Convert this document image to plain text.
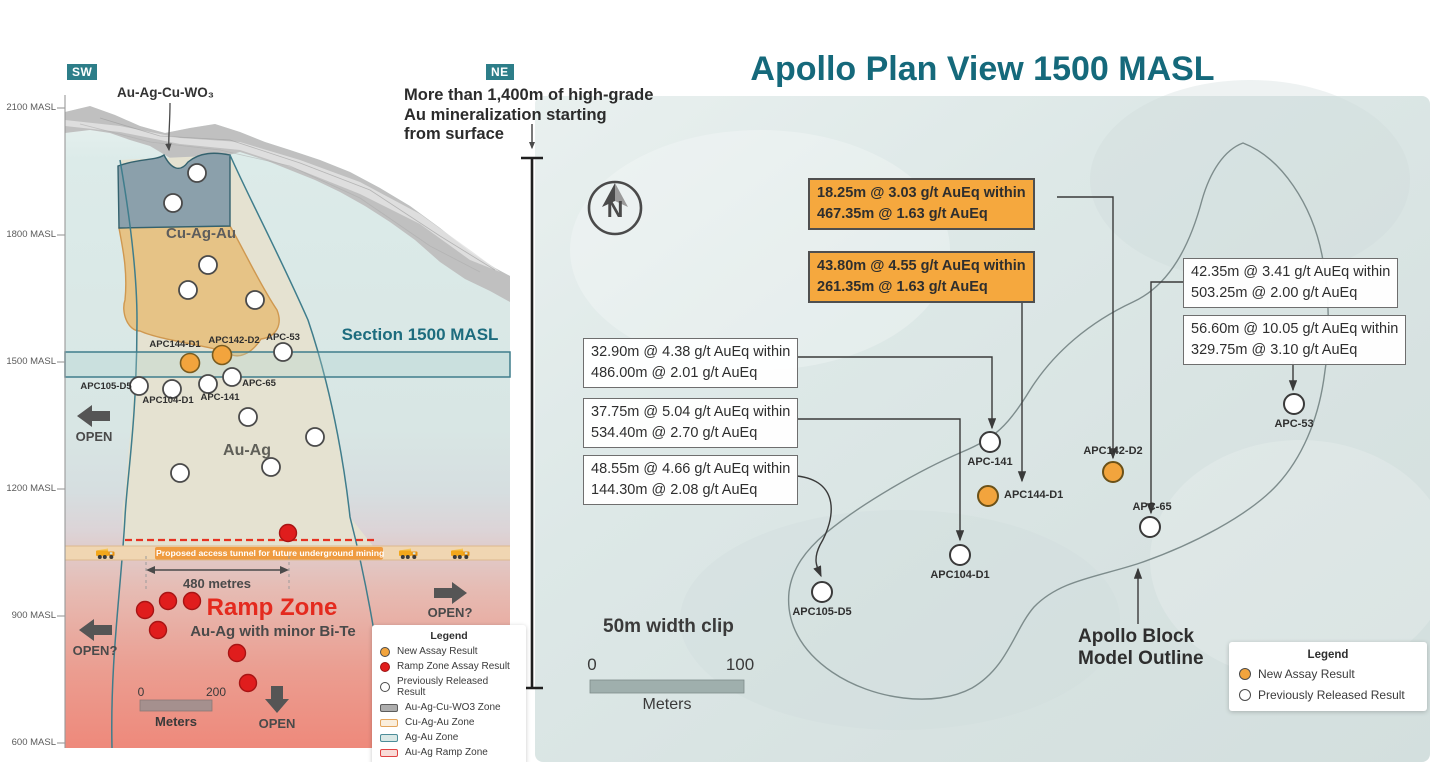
Apollo Plan View 1500 MASL
SW	NE
Au-Ag-Cu-WO₃	More than 1,400m of high-grade
Au mineralization starting
from surface
2100 MASL
1800 MASL
1500 MASL
1200 MASL
900 MASL
600 MASL
Cu-Ag-Au
Au-Ag
Section 1500 MASL
APC144-D1 APC142-D2 APC-53
APC105-D5
APC104-D1 APC-141
APC-65
OPEN
OPEN?
OPEN?
OPEN
Proposed access tunnel for future underground mining
480 metres
Ramp Zone
Au-Ag with minor Bi-Te
0	200
Meters
Legend
New Assay Result
Ramp Zone Assay Result
Previously Released Result
Au-Ag-Cu-WO3 Zone
Cu-Ag-Au Zone
Ag-Au Zone
Au-Ag Ramp Zone
N
18.25m @ 3.03 g/t AuEq within
467.35m @ 1.63 g/t AuEq
43.80m @ 4.55 g/t AuEq within
261.35m @ 1.63 g/t AuEq
32.90m @ 4.38 g/t AuEq within
486.00m @ 2.01 g/t AuEq
37.75m @ 5.04 g/t AuEq within
534.40m @ 2.70 g/t AuEq
48.55m @ 4.66 g/t AuEq within
144.30m @ 2.08 g/t AuEq
42.35m @ 3.41 g/t AuEq within
503.25m @ 2.00 g/t AuEq
56.60m @ 10.05 g/t AuEq within
329.75m @ 3.10 g/t AuEq
APC-141
APC142-D2
APC144-D1
APC-65
APC104-D1
APC105-D5
APC-53
50m width clip
0	100
Meters
Apollo Block
Model Outline	Legend
New Assay Result
Previously Released Result
